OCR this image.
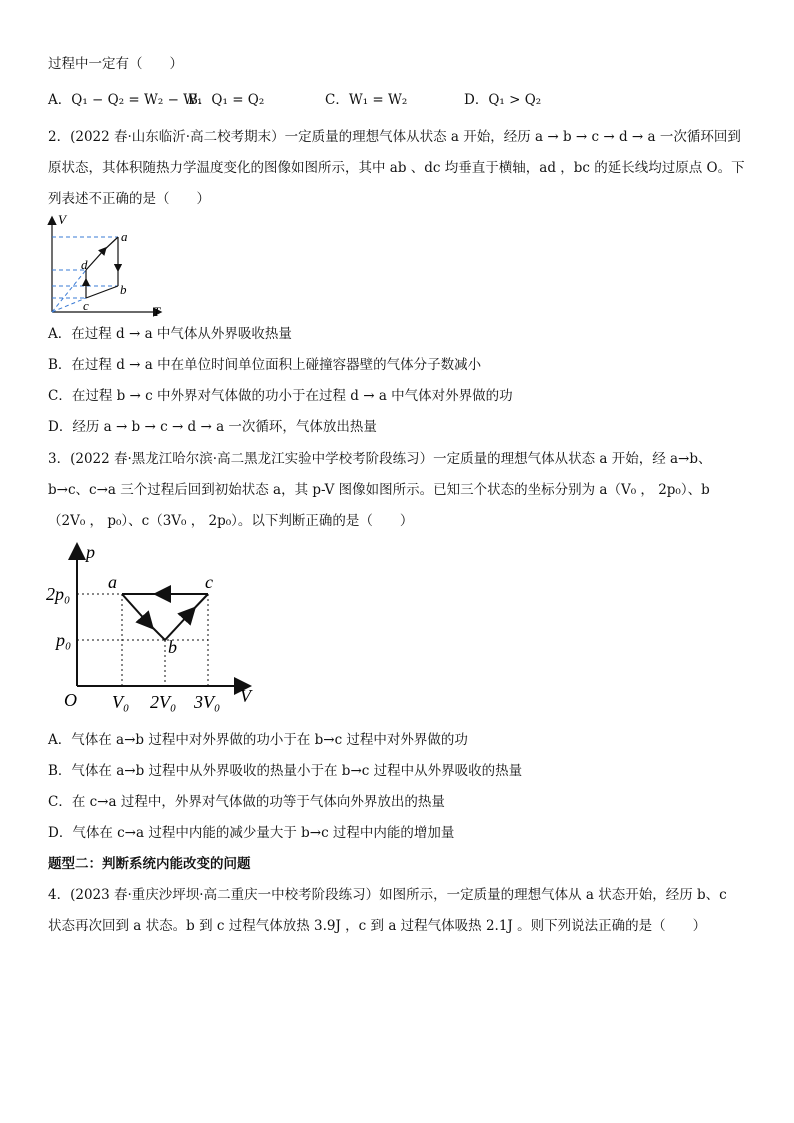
过程中一定有（　　）
A．Q₁ − Q₂ = W₂ − W₁
B．Q₁ = Q₂	C．W₁ = W₂	D．Q₁ > Q₂
2．(2022 春·山东临沂·高二校考期末）一定质量的理想气体从状态 a 开始，经历 a → b → c → d → a 一次循环回到
原状态，其体积随热力学温度变化的图像如图所示，其中 ab 、dc 均垂直于横轴，ad ，bc 的延长线均过原点 O。下
列表述不正确的是（　　）
V
T
a
b
c
d
A．在过程 d → a 中气体从外界吸收热量
B．在过程 d → a 中在单位时间单位面积上碰撞容器壁的气体分子数减小
C．在过程 b → c 中外界对气体做的功小于在过程 d → a 中气体对外界做的功
D．经历 a → b → c → d → a 一次循环，气体放出热量
3．(2022 春·黑龙江哈尔滨·高二黑龙江实验中学校考阶段练习）一定质量的理想气体从状态 a 开始，经 a→b、
b→c、c→a 三个过程后回到初始状态 a，其 p-V 图像如图所示。已知三个状态的坐标分别为 a（V₀ ， 2p₀）、b
（2V₀ ， p₀）、c（3V₀ ， 2p₀）。以下判断正确的是（　　）
p
V
O
2p₀
p₀
V₀ 2V₀ 3V₀
a
b
c
A．气体在 a→b 过程中对外界做的功小于在 b→c 过程中对外界做的功
B．气体在 a→b 过程中从外界吸收的热量小于在 b→c 过程中从外界吸收的热量
C．在 c→a 过程中，外界对气体做的功等于气体向外界放出的热量
D．气体在 c→a 过程中内能的减少量大于 b→c 过程中内能的增加量
题型二：判断系统内能改变的问题
4．(2023 春·重庆沙坪坝·高二重庆一中校考阶段练习）如图所示，一定质量的理想气体从 a 状态开始，经历 b、c
状态再次回到 a 状态。b 到 c 过程气体放热 3.9J ，c 到 a 过程气体吸热 2.1J 。则下列说法正确的是（　　）
